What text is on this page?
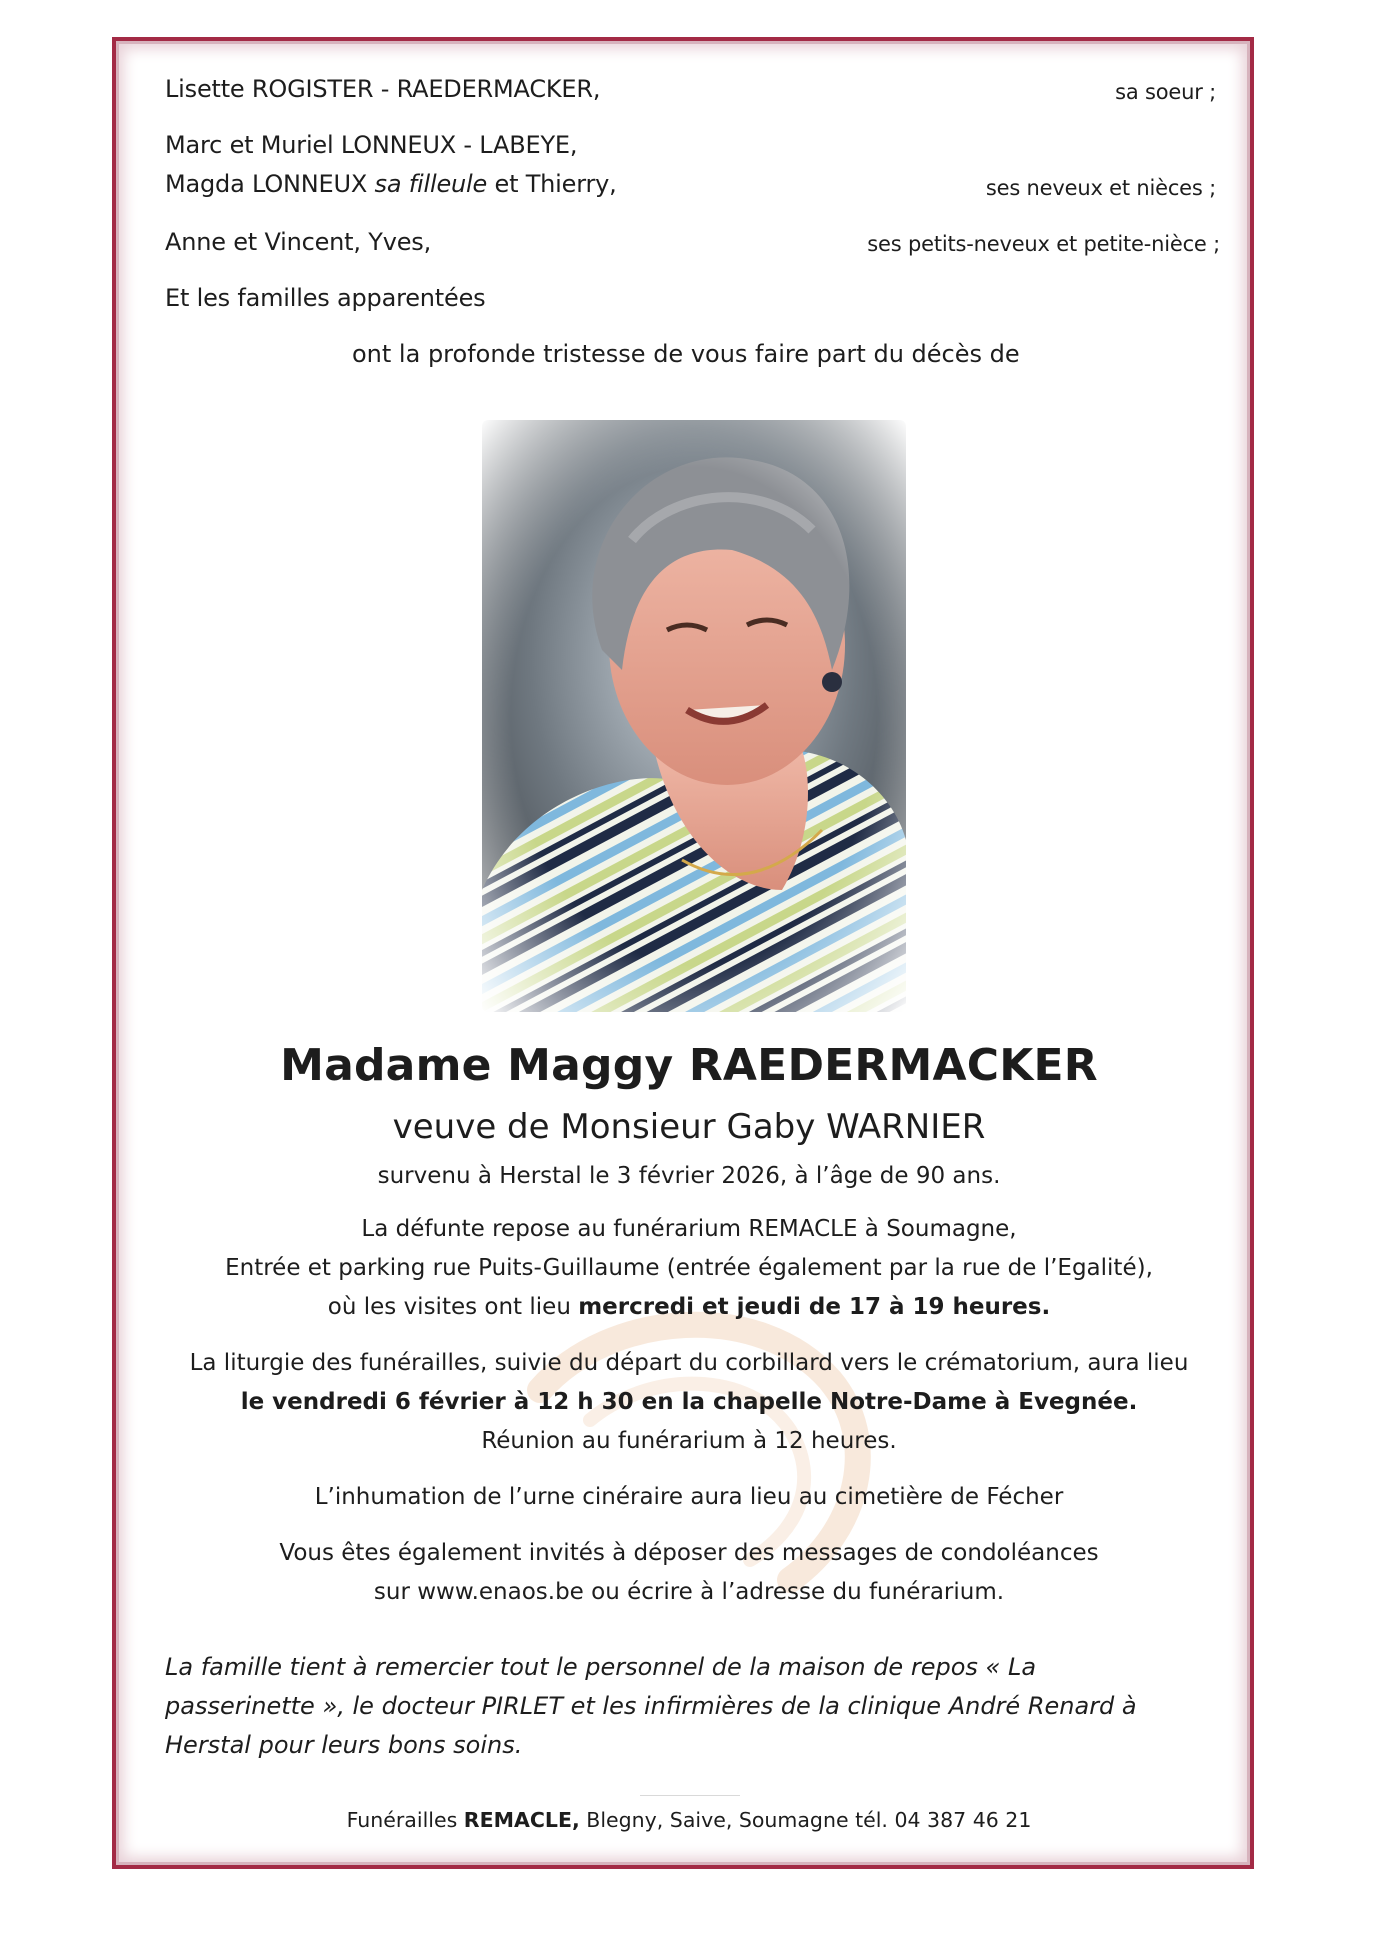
Lisette ROGISTER - RAEDERMACKER,	sa soeur ;
Marc et Muriel LONNEUX - LABEYE,
Magda LONNEUX sa filleule et Thierry,	ses neveux et nièces ;
Anne et Vincent, Yves,	ses petits-neveux et petite-nièce ;
Et les familles apparentées
ont la profonde tristesse de vous faire part du décès de
Madame Maggy RAEDERMACKER
veuve de Monsieur Gaby WARNIER
survenu à Herstal le 3 février 2026, à l’âge de 90 ans.
La défunte repose au funérarium REMACLE à Soumagne,
Entrée et parking rue Puits-Guillaume (entrée également par la rue de l’Egalité),
où les visites ont lieu mercredi et jeudi de 17 à 19 heures.
La liturgie des funérailles, suivie du départ du corbillard vers le crématorium, aura lieu
le vendredi 6 février à 12 h 30 en la chapelle Notre-Dame à Evegnée.
Réunion au funérarium à 12 heures.
L’inhumation de l’urne cinéraire aura lieu au cimetière de Fécher
Vous êtes également invités à déposer des messages de condoléances
sur www.enaos.be ou écrire à l’adresse du funérarium.
La famille tient à remercier tout le personnel de la maison de repos « La
passerinette », le docteur PIRLET et les infirmières de la clinique André Renard à
Herstal pour leurs bons soins.
Funérailles REMACLE, Blegny, Saive, Soumagne tél. 04 387 46 21
